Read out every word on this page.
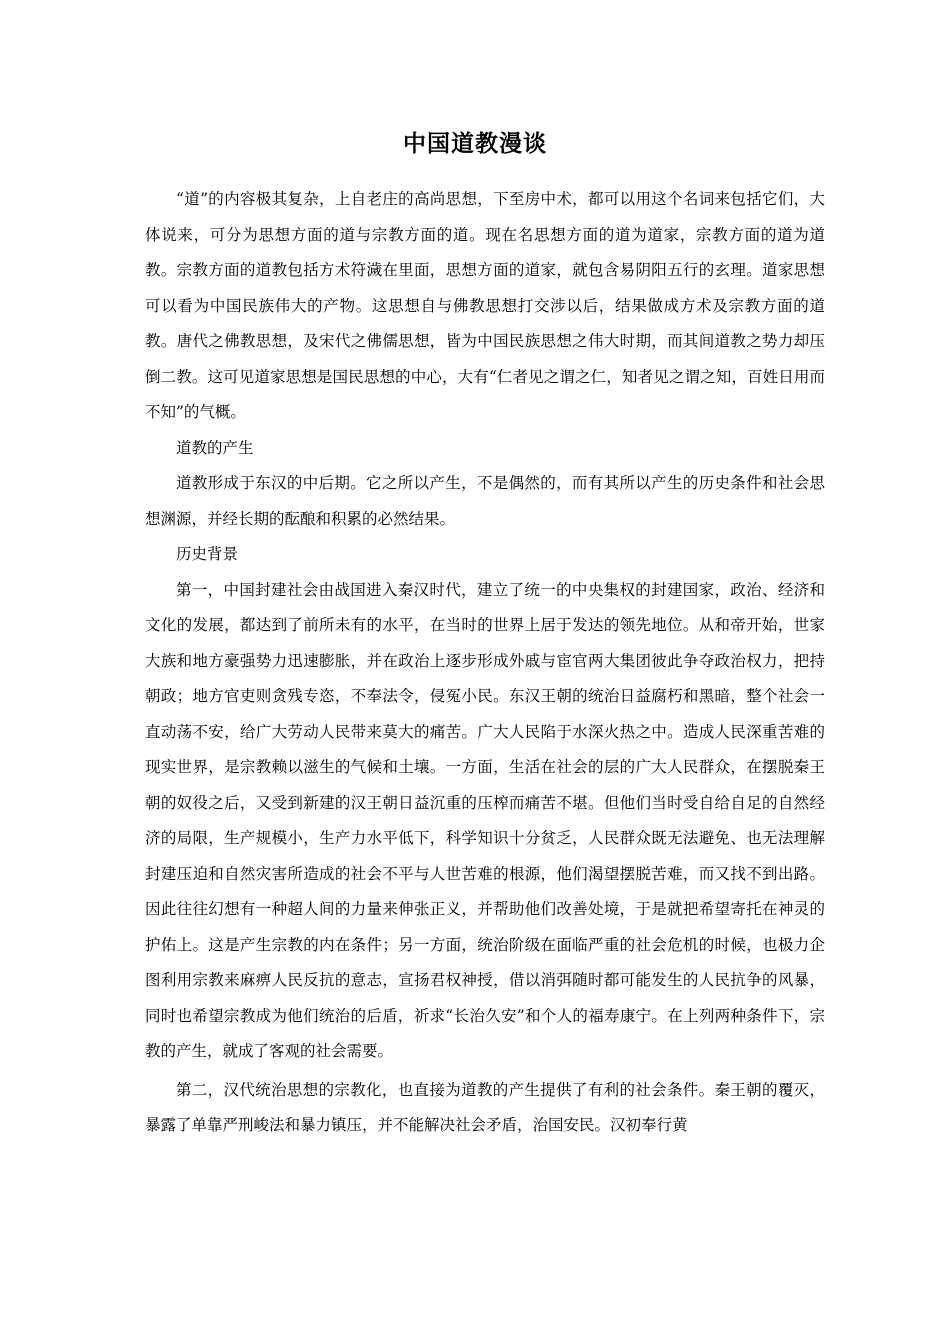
中国道教漫谈

“道”的内容极其复杂，上自老庄的高尚思想，下至房中术，都可以用这个名词来包括它们，大体说来，可分为思想方面的道与宗教方面的道。现在名思想方面的道为道家，宗教方面的道为道教。宗教方面的道教包括方术符濊在里面，思想方面的道家，就包含易阴阳五行的玄理。道家思想可以看为中国民族伟大的产物。这思想自与佛教思想打交涉以后，结果做成方术及宗教方面的道教。唐代之佛教思想，及宋代之佛儒思想，皆为中国民族思想之伟大时期，而其间道教之势力却压倒二教。这可见道家思想是国民思想的中心，大有“仁者见之谓之仁，知者见之谓之知，百姓日用而不知”的气概。

道教的产生

道教形成于东汉的中后期。它之所以产生，不是偶然的，而有其所以产生的历史条件和社会思想渊源，并经长期的酝酿和积累的必然结果。

历史背景

第一，中国封建社会由战国进入秦汉时代，建立了统一的中央集权的封建国家，政治、经济和文化的发展，都达到了前所未有的水平，在当时的世界上居于发达的领先地位。从和帝开始，世家大族和地方豪强势力迅速膨胀，并在政治上逐步形成外戚与宦官两大集团彼此争夺政治权力，把持朝政；地方官吏则贪残专恣，不奉法令，侵冤小民。东汉王朝的统治日益腐朽和黑暗，整个社会一直动荡不安，给广大劳动人民带来莫大的痛苦。广大人民陷于水深火热之中。造成人民深重苦难的现实世界，是宗教赖以滋生的气候和土壤。一方面，生活在社会的层的广大人民群众，在摆脱秦王朝的奴役之后，又受到新建的汉王朝日益沉重的压榨而痛苦不堪。但他们当时受自给自足的自然经济的局限，生产规模小，生产力水平低下，科学知识十分贫乏，人民群众既无法避免、也无法理解封建压迫和自然灾害所造成的社会不平与人世苦难的根源，他们渴望摆脱苦难，而又找不到出路。因此往往幻想有一种超人间的力量来伸张正义，并帮助他们改善处境，于是就把希望寄托在神灵的护佑上。这是产生宗教的内在条件；另一方面，统治阶级在面临严重的社会危机的时候，也极力企图利用宗教来麻痹人民反抗的意志，宣扬君权神授，借以消弭随时都可能发生的人民抗争的风暴，同时也希望宗教成为他们统治的后盾，祈求“长治久安”和个人的福寿康宁。在上列两种条件下，宗教的产生，就成了客观的社会需要。

第二，汉代统治思想的宗教化，也直接为道教的产生提供了有利的社会条件。秦王朝的覆灭，暴露了单靠严刑峻法和暴力镇压，并不能解决社会矛盾，治国安民。汉初奉行黄
